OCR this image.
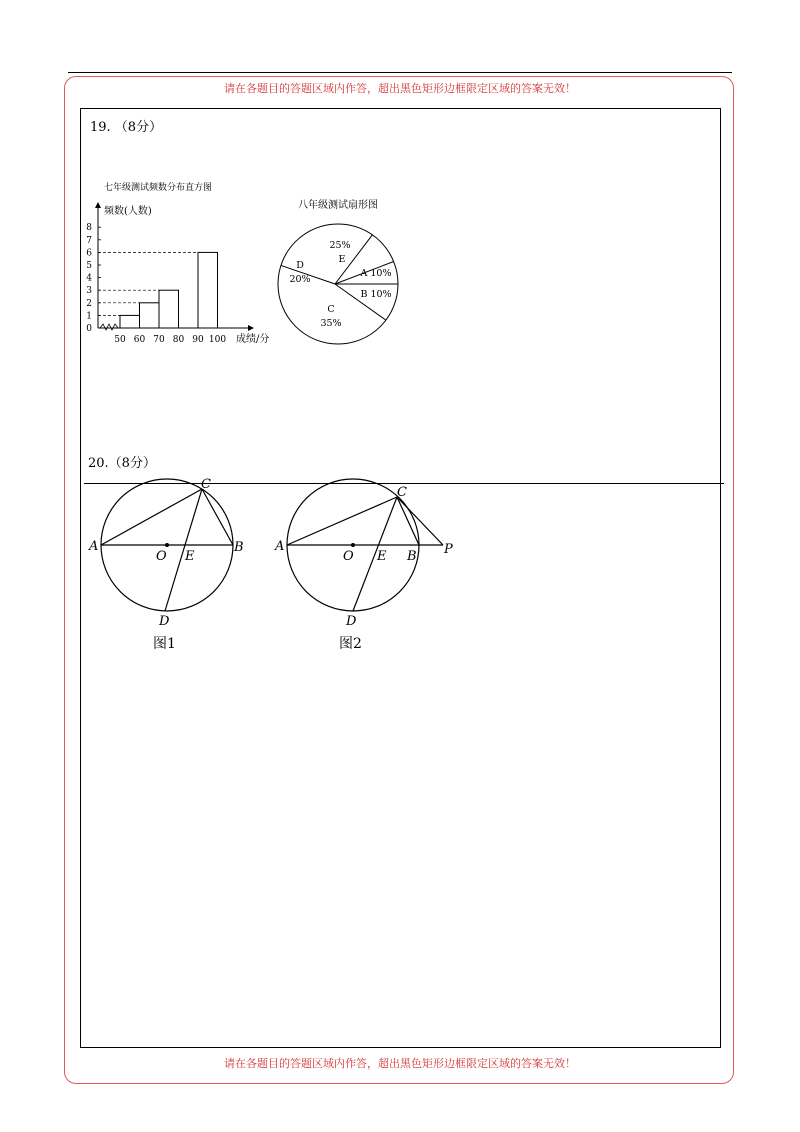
请在各题目的答题区域内作答，超出黑色矩形边框限定区域的答案无效！
请在各题目的答题区域内作答，超出黑色矩形边框限定区域的答案无效！
19. （8分）
七年级测试频数分布直方图
频数(人数)
成绩/分
0
1
2
3
4
5
6
7
8
50 60 70 80 90 100
八年级测试扇形图
25%
E
A 10%
B 10%
C
35%
D
20%
20.（8分）
A	B
C
O E
D
图1
A
B
C
O E
D
P
图2
